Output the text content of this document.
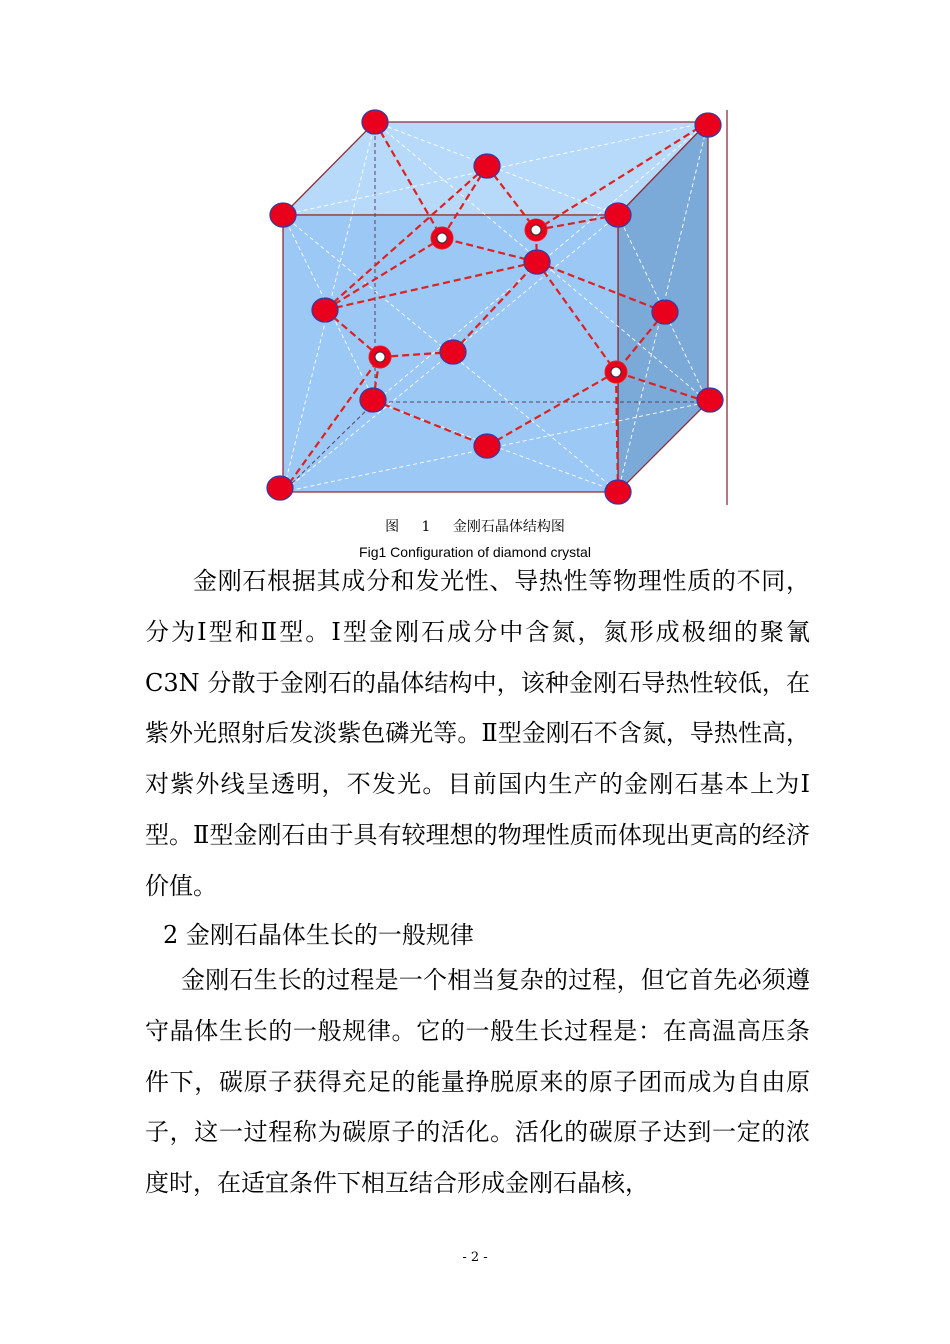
图 1 金刚石晶体结构图
Fig1 Configuration of diamond crystal

金刚石根据其成分和发光性、导热性等物理性质的不同，分为Ⅰ型和Ⅱ型。Ⅰ型金刚石成分中含氮，氮形成极细的聚氰 C3N 分散于金刚石的晶体结构中，该种金刚石导热性较低，在紫外光照射后发淡紫色磷光等。Ⅱ型金刚石不含氮，导热性高，对紫外线呈透明，不发光。目前国内生产的金刚石基本上为Ⅰ型。Ⅱ型金刚石由于具有较理想的物理性质而体现出更高的经济价值。

2 金刚石晶体生长的一般规律

金刚石生长的过程是一个相当复杂的过程，但它首先必须遵守晶体生长的一般规律。它的一般生长过程是：在高温高压条件下，碳原子获得充足的能量挣脱原来的原子团而成为自由原子，这一过程称为碳原子的活化。活化的碳原子达到一定的浓度时，在适宜条件下相互结合形成金刚石晶核，

- 2 -
